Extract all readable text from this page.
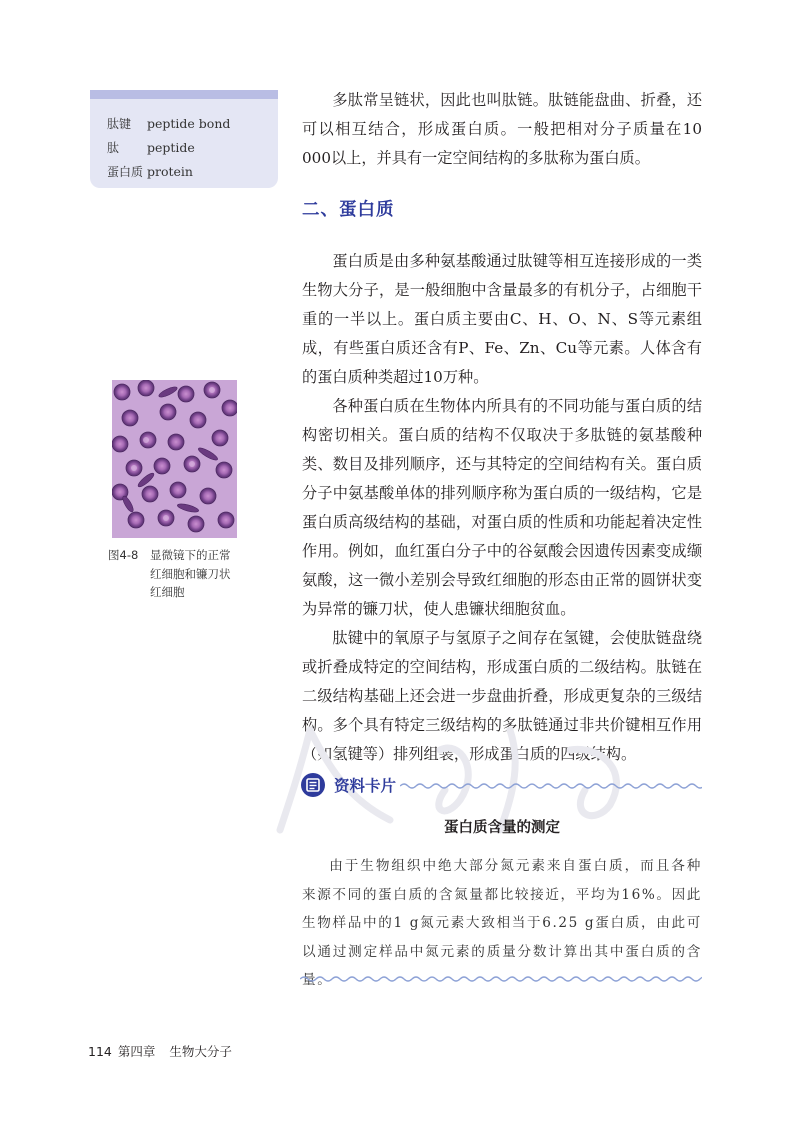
肽键 peptide bond
肽 peptide
蛋白质 protein

多肽常呈链状，因此也叫肽链。肽链能盘曲、折叠，还可以相互结合，形成蛋白质。一般把相对分子质量在10 000以上，并具有一定空间结构的多肽称为蛋白质。

二、蛋白质

蛋白质是由多种氨基酸通过肽键等相互连接形成的一类生物大分子，是一般细胞中含量最多的有机分子，占细胞干重的一半以上。蛋白质主要由C、H、O、N、S等元素组成，有些蛋白质还含有P、Fe、Zn、Cu等元素。人体含有的蛋白质种类超过10万种。

各种蛋白质在生物体内所具有的不同功能与蛋白质的结构密切相关。蛋白质的结构不仅取决于多肽链的氨基酸种类、数目及排列顺序，还与其特定的空间结构有关。蛋白质分子中氨基酸单体的排列顺序称为蛋白质的一级结构，它是蛋白质高级结构的基础，对蛋白质的性质和功能起着决定性作用。例如，血红蛋白分子中的谷氨酸会因遗传因素变成缬氨酸，这一微小差别会导致红细胞的形态由正常的圆饼状变为异常的镰刀状，使人患镰状细胞贫血。

肽键中的氧原子与氢原子之间存在氢键，会使肽链盘绕或折叠成特定的空间结构，形成蛋白质的二级结构。肽链在二级结构基础上还会进一步盘曲折叠，形成更复杂的三级结构。多个具有特定三级结构的多肽链通过非共价键相互作用（如氢键等）排列组装，形成蛋白质的四级结构。

图4-8 显微镜下的正常
红细胞和镰刀状
红细胞
资料卡片
蛋白质含量的测定

由于生物组织中绝大部分氮元素来自蛋白质，而且各种来源不同的蛋白质的含氮量都比较接近，平均为16%。因此生物样品中的1 g氮元素大致相当于6.25 g蛋白质，由此可以通过测定样品中氮元素的质量分数计算出其中蛋白质的含量。

114 第四章 生物大分子
